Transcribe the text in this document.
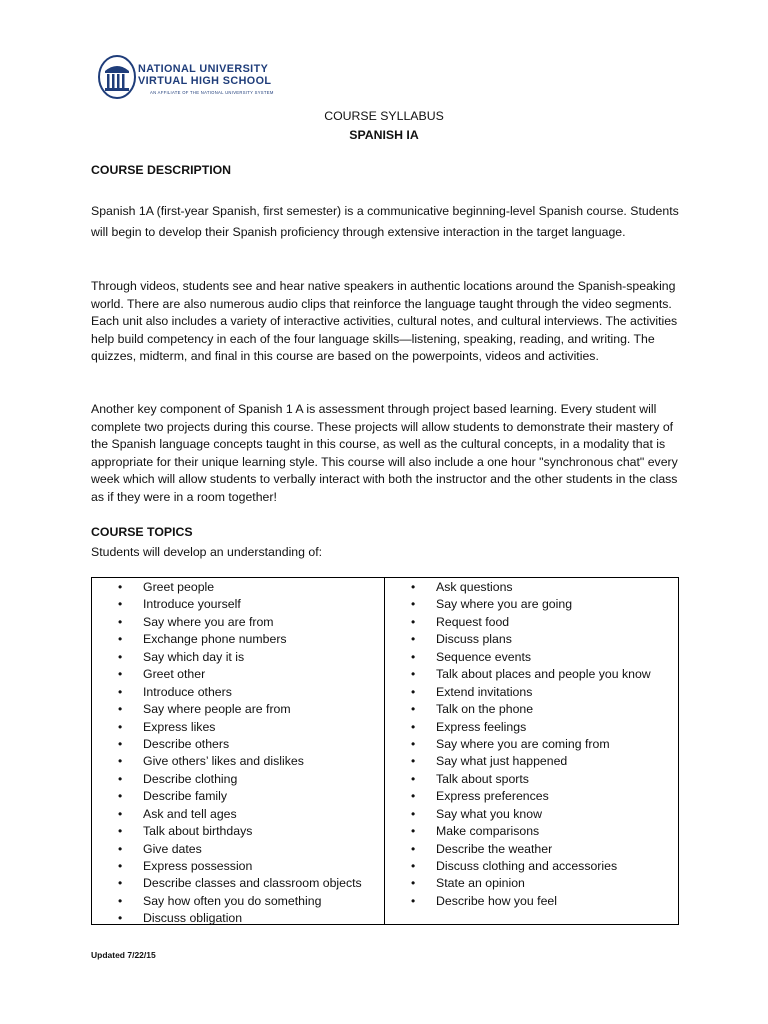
NATIONAL UNIVERSITY
VIRTUAL HIGH SCHOOL
AN AFFILIATE OF THE NATIONAL UNIVERSITY SYSTEM
COURSE SYLLABUS
SPANISH IA
COURSE DESCRIPTION

Spanish 1A (first-year Spanish, first semester) is a communicative beginning-level Spanish course. Students will begin to develop their Spanish proficiency through extensive interaction in the target language.

Through videos, students see and hear native speakers in authentic locations around the Spanish-speaking world. There are also numerous audio clips that reinforce the language taught through the video segments. Each unit also includes a variety of interactive activities, cultural notes, and cultural interviews. The activities help build competency in each of the four language skills—listening, speaking, reading, and writing. The quizzes, midterm, and final in this course are based on the powerpoints, videos and activities.

Another key component of Spanish 1 A is assessment through project based learning. Every student will complete two projects during this course. These projects will allow students to demonstrate their mastery of the Spanish language concepts taught in this course, as well as the cultural concepts, in a modality that is appropriate for their unique learning style. This course will also include a one hour "synchronous chat" every week which will allow students to verbally interact with both the instructor and the other students in the class as if they were in a room together!

COURSE TOPICS
Students will develop an understanding of:
• Greet people
• Introduce yourself
• Say where you are from
• Exchange phone numbers
• Say which day it is
• Greet other
• Introduce others
• Say where people are from
• Express likes
• Describe others
• Give others’ likes and dislikes
• Describe clothing
• Describe family
• Ask and tell ages
• Talk about birthdays
• Give dates
• Express possession
• Describe classes and classroom objects
• Say how often you do something
• Discuss obligation
• Ask questions
• Say where you are going
• Request food
• Discuss plans
• Sequence events
• Talk about places and people you know
• Extend invitations
• Talk on the phone
• Express feelings
• Say where you are coming from
• Say what just happened
• Talk about sports
• Express preferences
• Say what you know
• Make comparisons
• Describe the weather
• Discuss clothing and accessories
• State an opinion
• Describe how you feel
Updated 7/22/15
